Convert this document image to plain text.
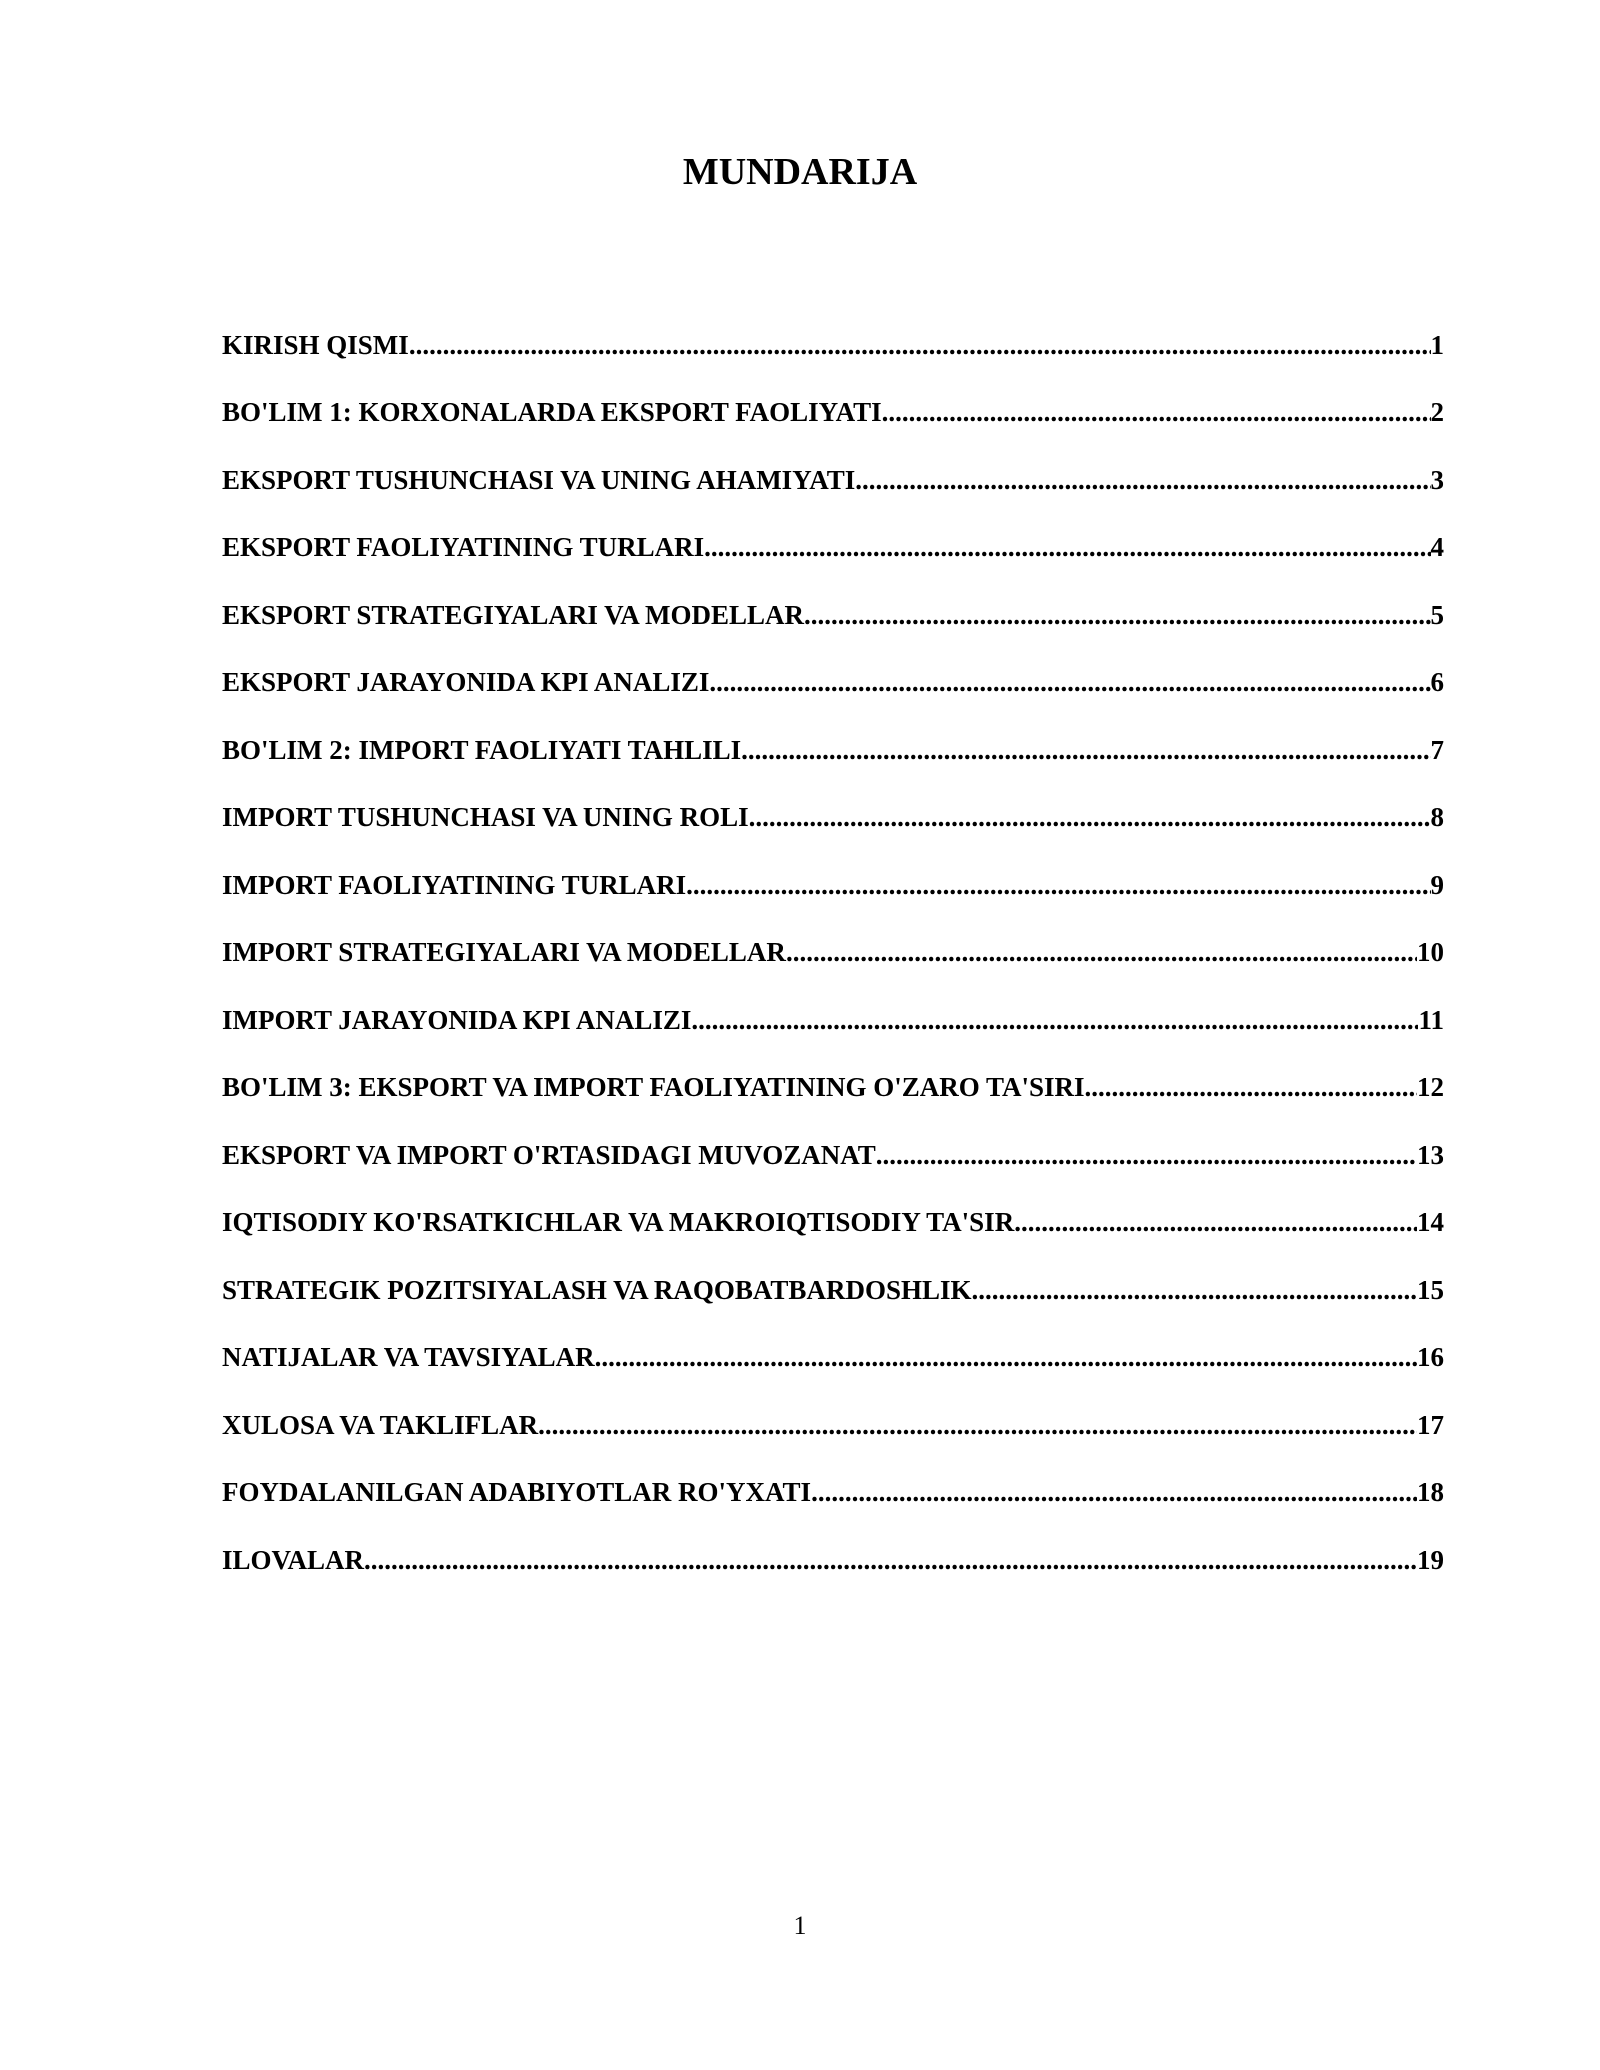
MUNDARIJA
KIRISH QISMI .....	1
BO'LIM 1: KORXONALARDA EKSPORT FAOLIYATI .....	2
EKSPORT TUSHUNCHASI VA UNING AHAMIYATI .....	3
EKSPORT FAOLIYATINING TURLARI .....	4
EKSPORT STRATEGIYALARI VA MODELLAR .....	5
EKSPORT JARAYONIDA KPI ANALIZI .....	6
BO'LIM 2: IMPORT FAOLIYATI TAHLILI .....	7
IMPORT TUSHUNCHASI VA UNING ROLI .....	8
IMPORT FAOLIYATINING TURLARI .....	9
IMPORT STRATEGIYALARI VA MODELLAR .....	10
IMPORT JARAYONIDA KPI ANALIZI .....	11
BO'LIM 3: EKSPORT VA IMPORT FAOLIYATINING O'ZARO TA'SIRI .....	12
EKSPORT VA IMPORT O'RTASIDAGI MUVOZANAT .....	13
IQTISODIY KO'RSATKICHLAR VA MAKROIQTISODIY TA'SIR .....	14
STRATEGIK POZITSIYALASH VA RAQOBATBARDOSHLIK .....	15
NATIJALAR VA TAVSIYALAR .....	16
XULOSA VA TAKLIFLAR .....	17
FOYDALANILGAN ADABIYOTLAR RO'YXATI .....	18
ILOVALAR .....	19
1
